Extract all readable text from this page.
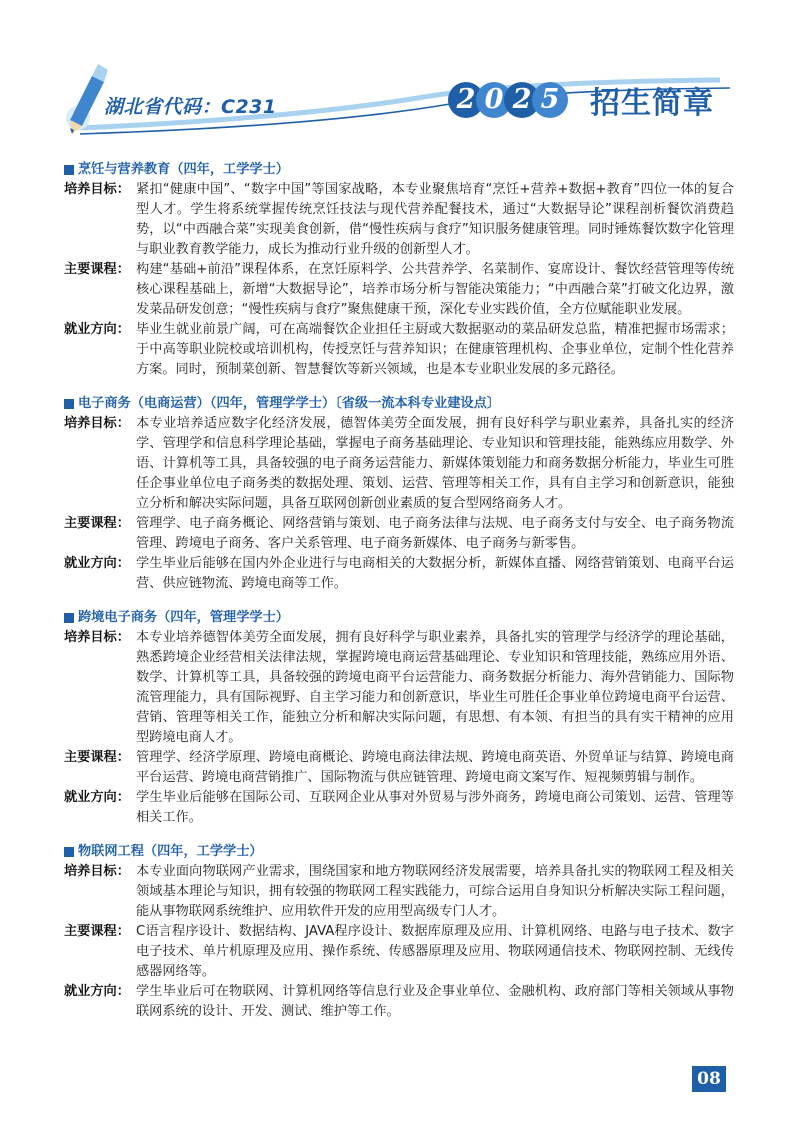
湖北省代码：C231	2 0 2 5 招生简章
烹饪与营养教育（四年，工学学士）
培养目标： 紧扣“健康中国”、“数字中国”等国家战略，本专业聚焦培育“烹饪+营养+数据+教育”四位一体的复合型人才。学生将系统掌握传统烹饪技法与现代营养配餐技术，通过“大数据导论”课程剖析餐饮消费趋势，以“中西融合菜”实现美食创新，借“慢性疾病与食疗”知识服务健康管理。同时锤炼餐饮数字化管理与职业教育教学能力，成长为推动行业升级的创新型人才。
主要课程： 构建“基础+前沿”课程体系，在烹饪原料学、公共营养学、名菜制作、宴席设计、餐饮经营管理等传统核心课程基础上，新增“大数据导论”，培养市场分析与智能决策能力；“中西融合菜”打破文化边界，激发菜品研发创意；“慢性疾病与食疗”聚焦健康干预，深化专业实践价值，全方位赋能职业发展。
就业方向： 毕业生就业前景广阔，可在高端餐饮企业担任主厨或大数据驱动的菜品研发总监，精准把握市场需求；于中高等职业院校或培训机构，传授烹饪与营养知识；在健康管理机构、企事业单位，定制个性化营养方案。同时，预制菜创新、智慧餐饮等新兴领域，也是本专业职业发展的多元路径。
电子商务（电商运营）（四年，管理学学士）〔省级一流本科专业建设点〕
培养目标： 本专业培养适应数字化经济发展，德智体美劳全面发展，拥有良好科学与职业素养，具备扎实的经济学、管理学和信息科学理论基础，掌握电子商务基础理论、专业知识和管理技能，能熟练应用数学、外语、计算机等工具，具备较强的电子商务运营能力、新媒体策划能力和商务数据分析能力，毕业生可胜任企事业单位电子商务类的数据处理、策划、运营、管理等相关工作，具有自主学习和创新意识，能独立分析和解决实际问题，具备互联网创新创业素质的复合型网络商务人才。
主要课程： 管理学、电子商务概论、网络营销与策划、电子商务法律与法规、电子商务支付与安全、电子商务物流管理、跨境电子商务、客户关系管理、电子商务新媒体、电子商务与新零售。
就业方向： 学生毕业后能够在国内外企业进行与电商相关的大数据分析，新媒体直播、网络营销策划、电商平台运营、供应链物流、跨境电商等工作。
跨境电子商务（四年，管理学学士）
培养目标： 本专业培养德智体美劳全面发展，拥有良好科学与职业素养，具备扎实的管理学与经济学的理论基础，熟悉跨境企业经营相关法律法规，掌握跨境电商运营基础理论、专业知识和管理技能，熟练应用外语、数学、计算机等工具，具备较强的跨境电商平台运营能力、商务数据分析能力、海外营销能力、国际物流管理能力，具有国际视野、自主学习能力和创新意识，毕业生可胜任企事业单位跨境电商平台运营、营销、管理等相关工作，能独立分析和解决实际问题，有思想、有本领、有担当的具有实干精神的应用型跨境电商人才。
主要课程： 管理学、经济学原理、跨境电商概论、跨境电商法律法规、跨境电商英语、外贸单证与结算、跨境电商平台运营、跨境电商营销推广、国际物流与供应链管理、跨境电商文案写作、短视频剪辑与制作。
就业方向： 学生毕业后能够在国际公司、互联网企业从事对外贸易与涉外商务，跨境电商公司策划、运营、管理等相关工作。
物联网工程（四年，工学学士）
培养目标： 本专业面向物联网产业需求，围绕国家和地方物联网经济发展需要，培养具备扎实的物联网工程及相关领域基本理论与知识，拥有较强的物联网工程实践能力，可综合运用自身知识分析解决实际工程问题，能从事物联网系统维护、应用软件开发的应用型高级专门人才。
主要课程： C语言程序设计、数据结构、JAVA程序设计、数据库原理及应用、计算机网络、电路与电子技术、数字电子技术、单片机原理及应用、操作系统、传感器原理及应用、物联网通信技术、物联网控制、无线传感器网络等。
就业方向： 学生毕业后可在物联网、计算机网络等信息行业及企事业单位、金融机构、政府部门等相关领域从事物联网系统的设计、开发、测试、维护等工作。
08
